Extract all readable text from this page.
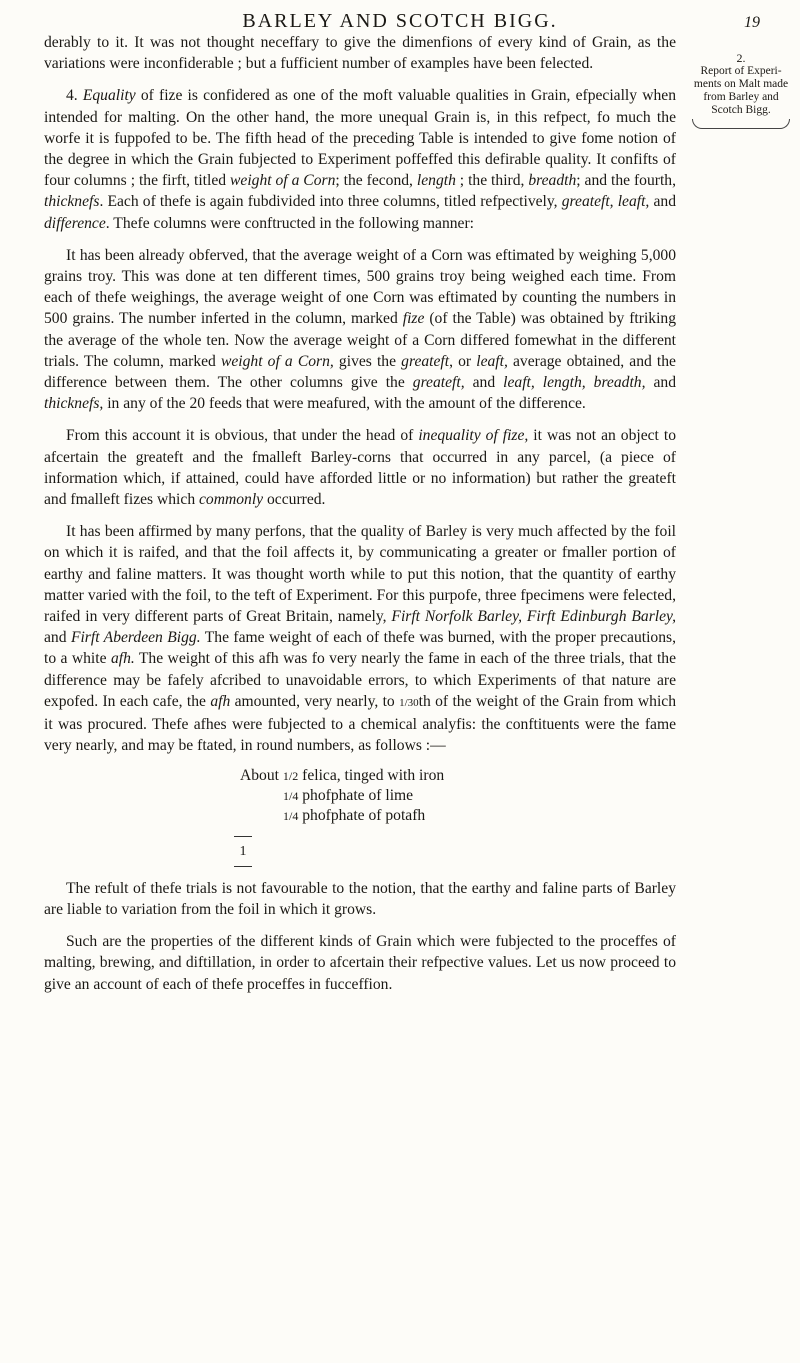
BARLEY AND SCOTCH BIGG.	19
2.
Report of Experi-
ments on Malt made
from Barley and
Scotch Bigg.

derably to it. It was not thought neceffary to give the dimenfions of every kind of Grain, as the variations were inconfiderable ; but a fufficient number of examples have been felected.

4. Equality of fize is confidered as one of the moft valuable qualities in Grain, efpecially when intended for malting. On the other hand, the more unequal Grain is, in this refpect, fo much the worfe it is fuppofed to be. The fifth head of the preceding Table is intended to give fome notion of the degree in which the Grain fubjected to Experiment poffeffed this defirable quality. It confifts of four columns ; the firft, titled weight of a Corn; the fecond, length ; the third, breadth; and the fourth, thicknefs. Each of thefe is again fubdivided into three columns, titled refpectively, greateft, leaft, and difference. Thefe columns were conftructed in the following manner:

It has been already obferved, that the average weight of a Corn was eftimated by weighing 5,000 grains troy. This was done at ten different times, 500 grains troy being weighed each time. From each of thefe weighings, the average weight of one Corn was eftimated by counting the numbers in 500 grains. The number inferted in the column, marked fize (of the Table) was obtained by ftriking the average of the whole ten. Now the average weight of a Corn differed fomewhat in the different trials. The column, marked weight of a Corn, gives the greateft, or leaft, average obtained, and the difference between them. The other columns give the greateft, and leaft, length, breadth, and thicknefs, in any of the 20 feeds that were meafured, with the amount of the difference.

From this account it is obvious, that under the head of inequality of fize, it was not an object to afcertain the greateft and the fmalleft Barley-corns that occurred in any parcel, (a piece of information which, if attained, could have afforded little or no information) but rather the greateft and fmalleft fizes which commonly occurred.

It has been affirmed by many perfons, that the quality of Barley is very much affected by the foil on which it is raifed, and that the foil affects it, by communicating a greater or fmaller portion of earthy and faline matters. It was thought worth while to put this notion, that the quantity of earthy matter varied with the foil, to the teft of Experiment. For this purpofe, three fpecimens were felected, raifed in very different parts of Great Britain, namely, Firft Norfolk Barley, Firft Edinburgh Barley, and Firft Aberdeen Bigg. The fame weight of each of thefe was burned, with the proper precautions, to a white afh. The weight of this afh was fo very nearly the fame in each of the three trials, that the difference may be fafely afcribed to unavoidable errors, to which Experiments of that nature are expofed. In each cafe, the afh amounted, very nearly, to 1/30th of the weight of the Grain from which it was procured. Thefe afhes were fubjected to a chemical analyfis: the conftituents were the fame very nearly, and may be ftated, in round numbers, as follows :—

About 1/2 felica, tinged with iron
1/4 phofphate of lime
1/4 phofphate of potafh
1

The refult of thefe trials is not favourable to the notion, that the earthy and faline parts of Barley are liable to variation from the foil in which it grows.

Such are the properties of the different kinds of Grain which were fubjected to the proceffes of malting, brewing, and diftillation, in order to afcertain their refpective values. Let us now proceed to give an account of each of thefe proceffes in fucceffion.
